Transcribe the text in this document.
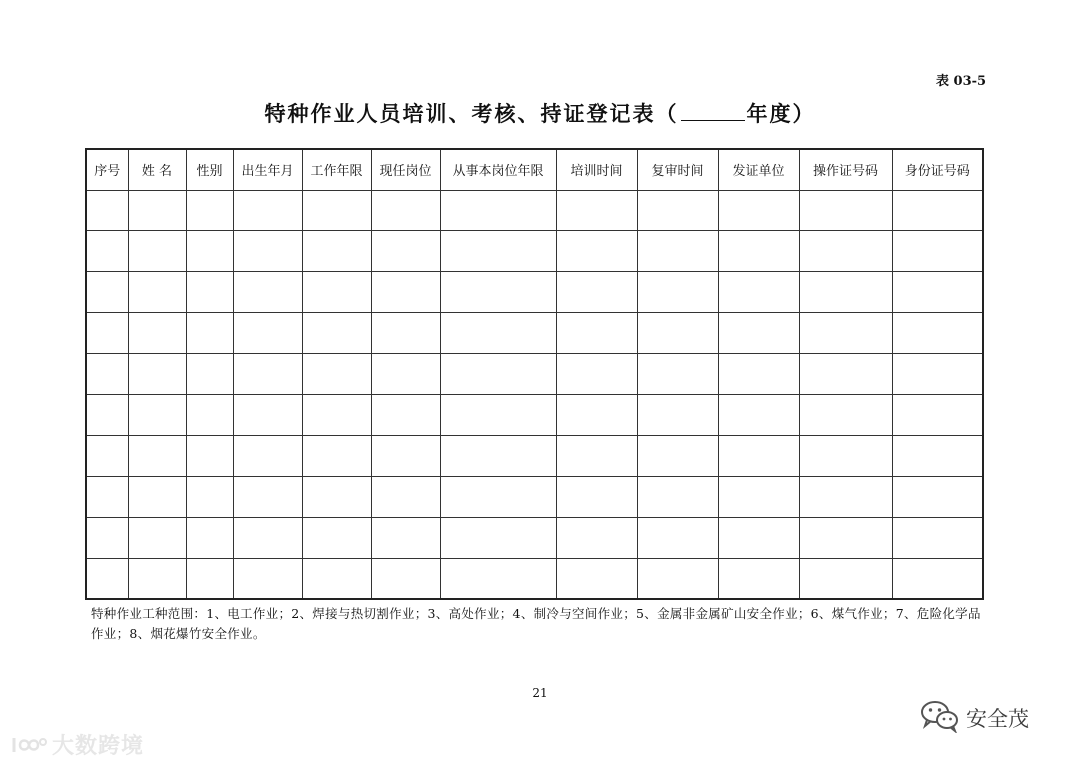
表 03-5
特种作业人员培训、考核、持证登记表（	年度）
序号	姓 名	性别	出生年月	工作年限	现任岗位	从事本岗位年限	培训时间	复审时间	发证单位	操作证号码	身份证号码

特种作业工种范围：1、电工作业；2、焊接与热切割作业；3、高处作业；4、制冷与空间作业；5、金属非金属矿山安全作业；6、煤气作业；7、危险化学品作业；8、烟花爆竹安全作业。
21
大数跨境
安全茂
